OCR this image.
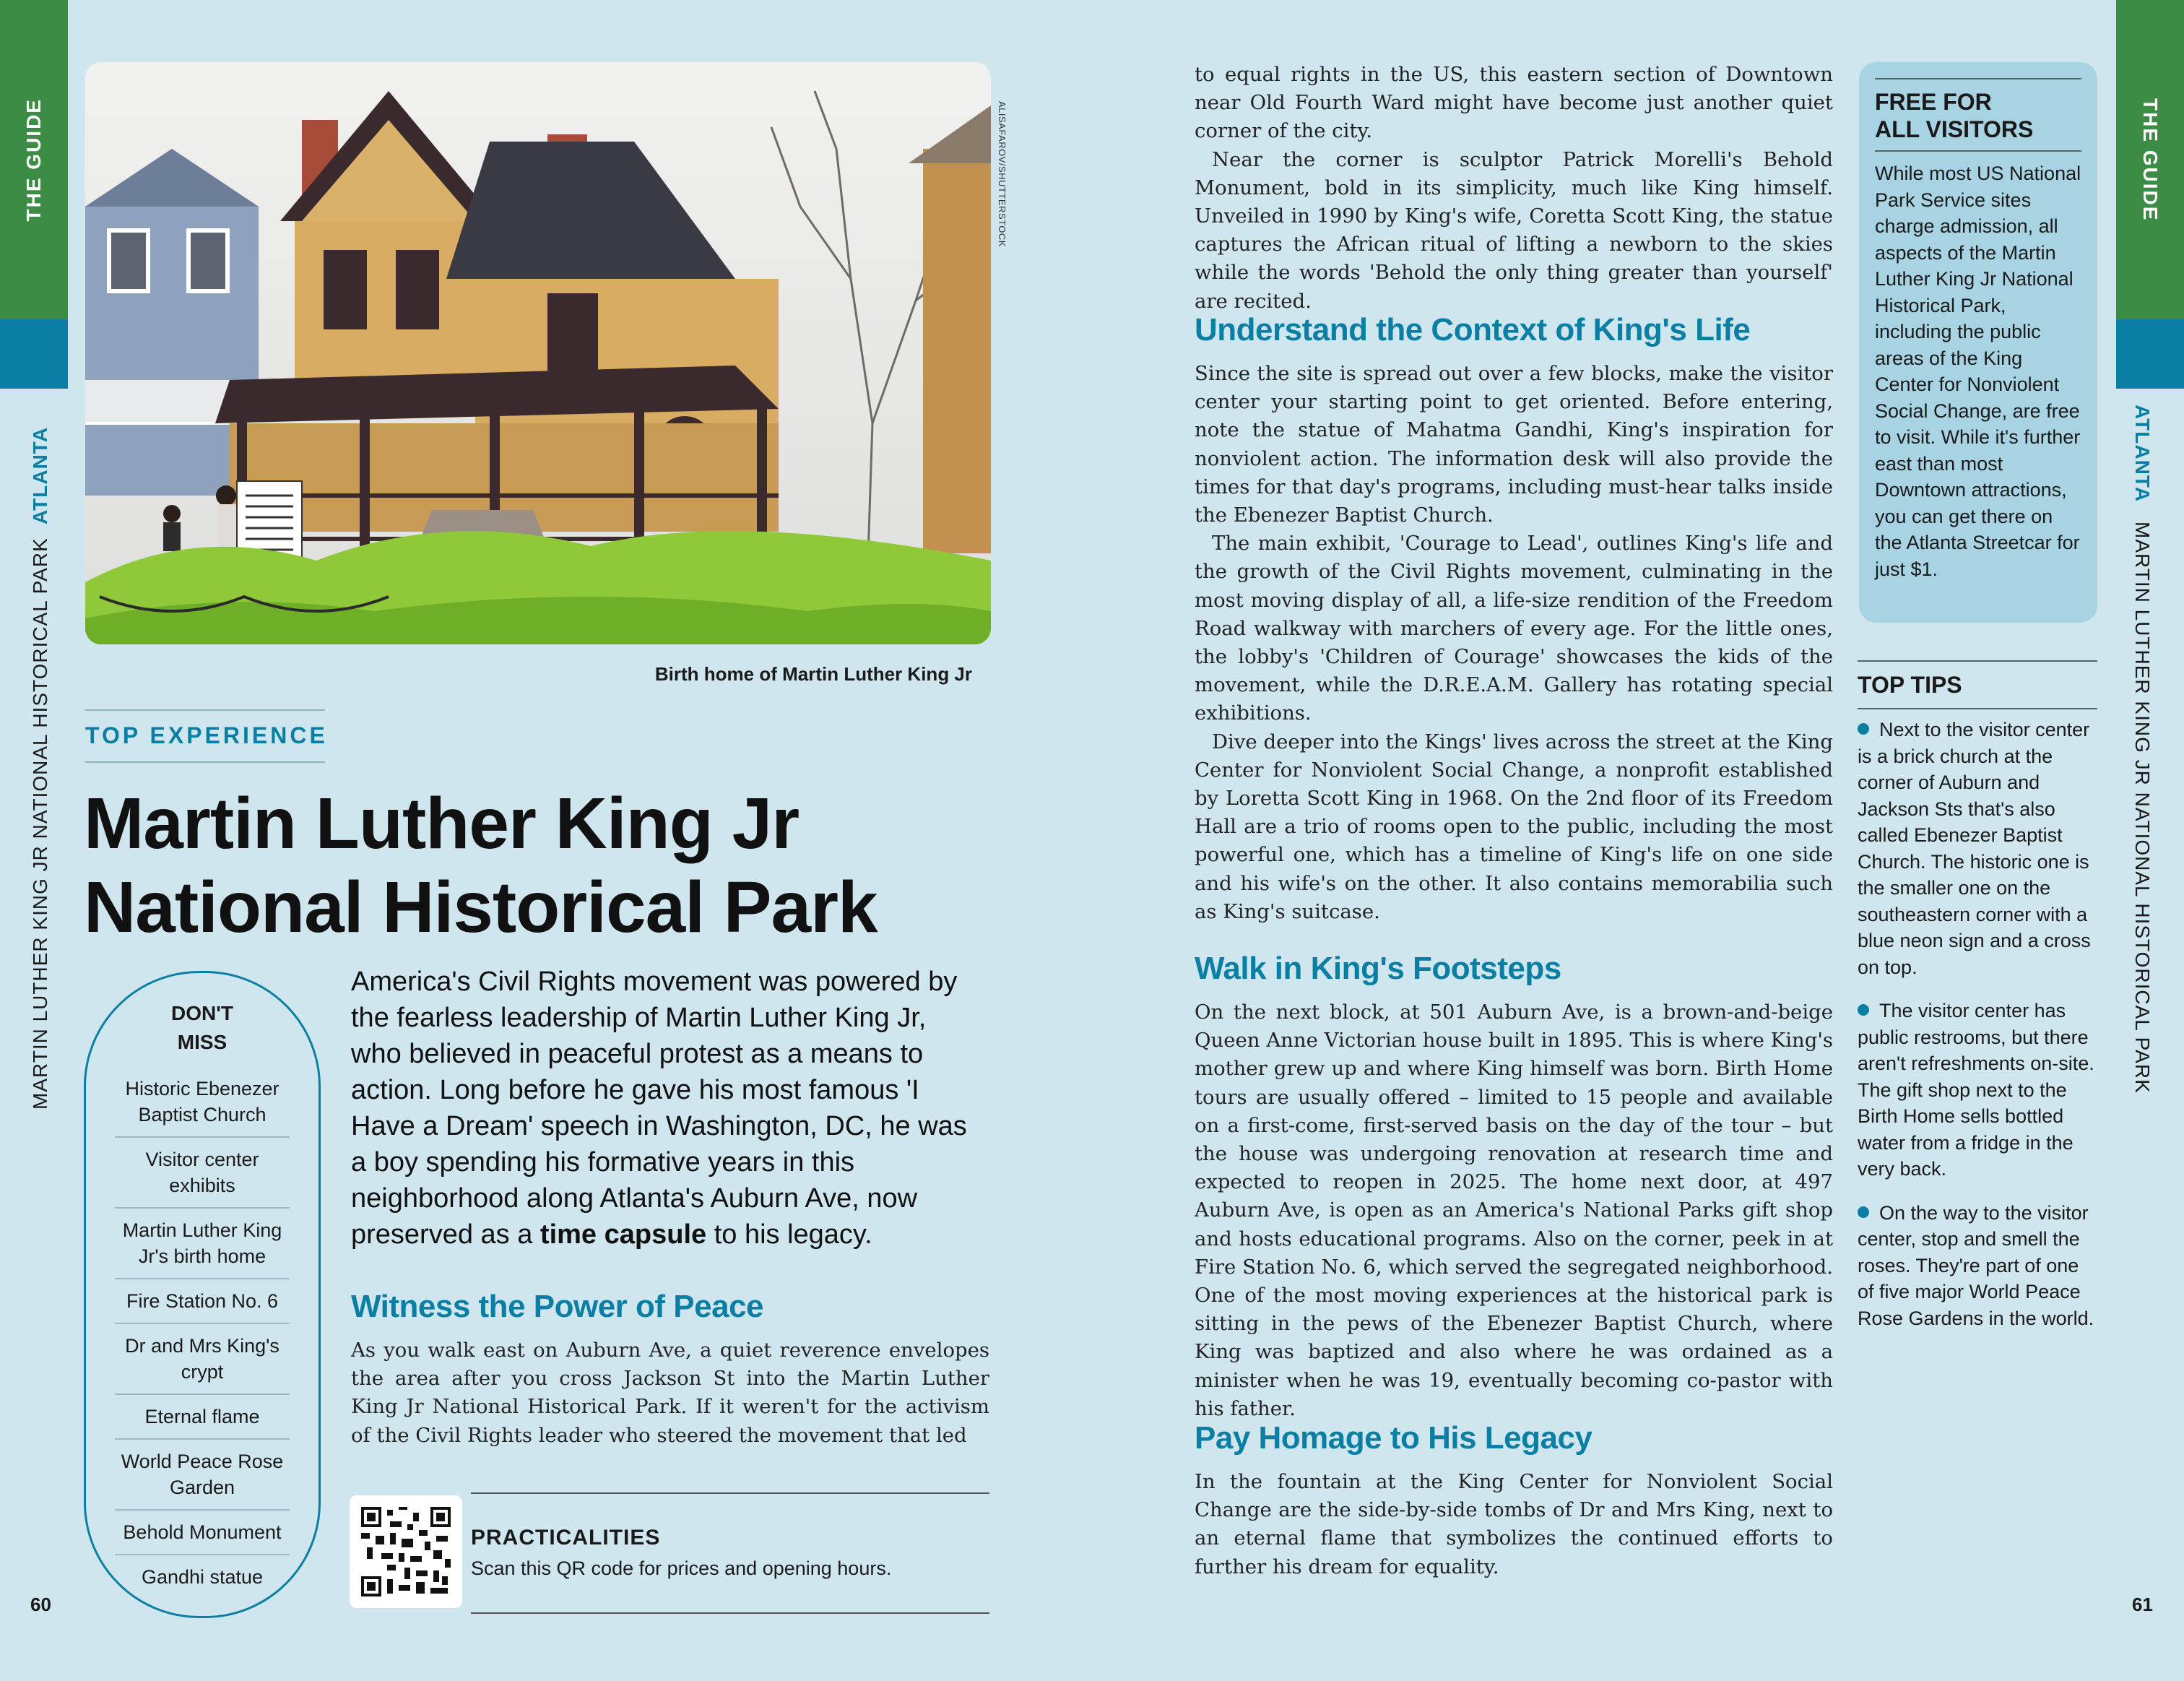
THE GUIDE
MARTIN LUTHER KING JR NATIONAL HISTORICAL PARK
ATLANTA
THE GUIDE
ATLANTA MARTIN LUTHER KING JR NATIONAL HISTORICAL PARK
ALISAFAROV/SHUTTERSTOCK
Birth home of Martin Luther King Jr
TOP EXPERIENCE
Martin Luther King Jr
National Historical Park
DON'T MISS
Historic Ebenezer Baptist Church
Visitor center exhibits
Martin Luther King Jr's birth home
Fire Station No. 6
Dr and Mrs King's crypt
Eternal flame
World Peace Rose Garden
Behold Monument
Gandhi statue
America's Civil Rights movement was powered by the fearless leadership of Martin Luther King Jr, who believed in peaceful protest as a means to action. Long before he gave his most famous 'I Have a Dream' speech in Washington, DC, he was a boy spending his formative years in this neighborhood along Atlanta's Auburn Ave, now preserved as a time capsule to his legacy.
Witness the Power of Peace

As you walk east on Auburn Ave, a quiet reverence envelopes the area after you cross Jackson St into the Martin Luther King Jr National Historical Park. If it weren't for the activism of the Civil Rights leader who steered the movement that led

PRACTICALITIES
Scan this QR code for prices and opening hours.

to equal rights in the US, this eastern section of Downtown near Old Fourth Ward might have become just another quiet corner of the city.

Near the corner is sculptor Patrick Morelli's Behold Monument, bold in its simplicity, much like King himself. Unveiled in 1990 by King's wife, Coretta Scott King, the statue captures the African ritual of lifting a newborn to the skies while the words 'Behold the only thing greater than yourself' are recited.

Understand the Context of King's Life

Since the site is spread out over a few blocks, make the visitor center your starting point to get oriented. Before entering, note the statue of Mahatma Gandhi, King's inspiration for nonviolent action. The information desk will also provide the times for that day's programs, including must-hear talks inside the Ebenezer Baptist Church.

The main exhibit, 'Courage to Lead', outlines King's life and the growth of the Civil Rights movement, culminating in the most moving display of all, a life-size rendition of the Freedom Road walkway with marchers of every age. For the little ones, the lobby's 'Children of Courage' showcases the kids of the movement, while the D.R.E.A.M. Gallery has rotating special exhibitions.

Dive deeper into the Kings' lives across the street at the King Center for Nonviolent Social Change, a nonprofit established by Loretta Scott King in 1968. On the 2nd floor of its Freedom Hall are a trio of rooms open to the public, including the most powerful one, which has a timeline of King's life on one side and his wife's on the other. It also contains memorabilia such as King's suitcase.

Walk in King's Footsteps

On the next block, at 501 Auburn Ave, is a brown-and-beige Queen Anne Victorian house built in 1895. This is where King's mother grew up and where King himself was born. Birth Home tours are usually offered – limited to 15 people and available on a first-come, first-served basis on the day of the tour – but the house was undergoing renovation at research time and expected to reopen in 2025. The home next door, at 497 Auburn Ave, is open as an America's National Parks gift shop and hosts educational programs. Also on the corner, peek in at Fire Station No. 6, which served the segregated neighborhood. One of the most moving experiences at the historical park is sitting in the pews of the Ebenezer Baptist Church, where King was baptized and also where he was ordained as a minister when he was 19, eventually becoming co-pastor with his father.

Pay Homage to His Legacy

In the fountain at the King Center for Nonviolent Social Change are the side-by-side tombs of Dr and Mrs King, next to an eternal flame that symbolizes the continued efforts to further his dream for equality.

FREE FOR ALL VISITORS
While most US National Park Service sites charge admission, all aspects of the Martin Luther King Jr National Historical Park, including the public areas of the King Center for Nonviolent Social Change, are free to visit. While it's further east than most Downtown attractions, you can get there on the Atlanta Streetcar for just $1.
TOP TIPS
Next to the visitor center is a brick church at the corner of Auburn and Jackson Sts that's also called Ebenezer Baptist Church. The historic one is the smaller one on the southeastern corner with a blue neon sign and a cross on top.
The visitor center has public restrooms, but there aren't refreshments on-site. The gift shop next to the Birth Home sells bottled water from a fridge in the very back.
On the way to the visitor center, stop and smell the roses. They're part of one of five major World Peace Rose Gardens in the world.
60	61
